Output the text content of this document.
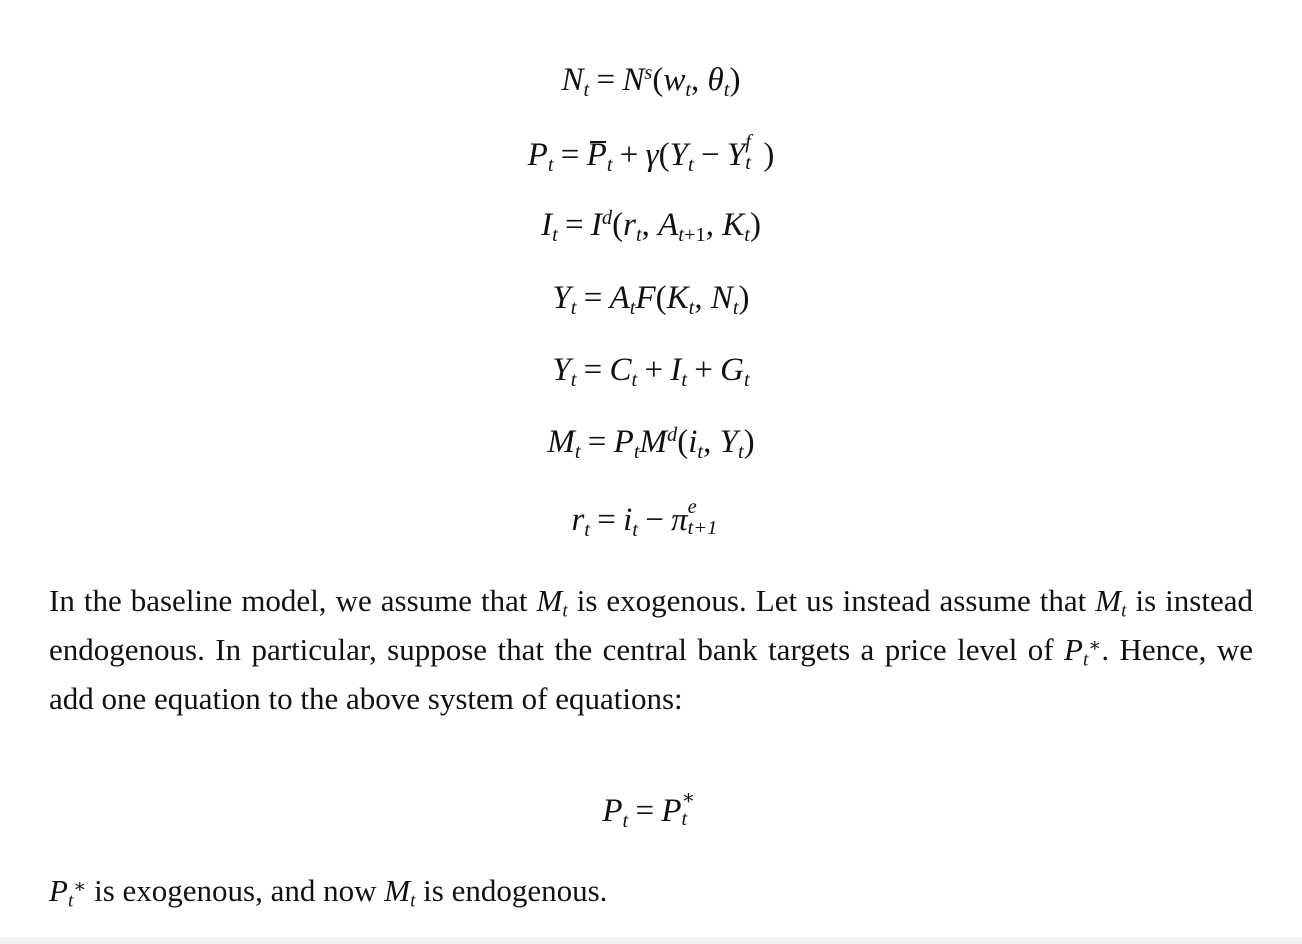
$N_t = N^s(w_t$, $\theta_t$)
$P_t = P_t + \gamma(Y_t - Y$ f
t )
$I_t = I^d(r_t$, $A_{t+1}$, $K_t$)
$Y_t = A_tF(K_t$, $N_t$)
$Y_t = C_t + I_t + G_t$
$M_t = P_tM^d(i_t$, $Y_t$)
$r_t = i_t - \pi$ e
t+1
In the baseline model, we assume that $M_t$ is exogenous. Let us instead assume that $M_t$ is instead endogenous. In particular, suppose that the central bank targets a price level of $P_t^∗$. Hence, we add one equation to the above system of equations:
$P_t = P$ ∗
t
$P_t^∗$ is exogenous, and now $M_t$ is endogenous.
